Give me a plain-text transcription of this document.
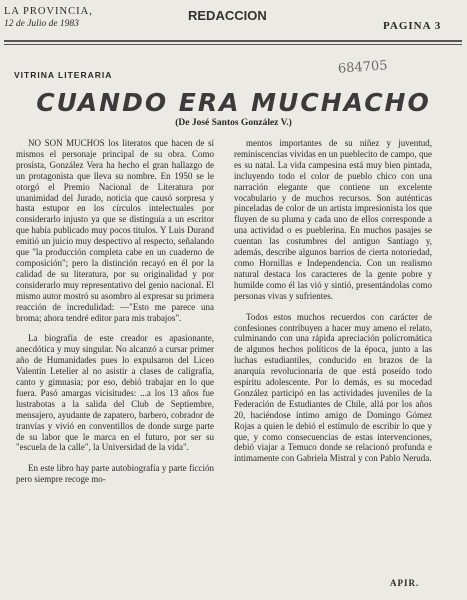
LA PROVINCIA,
12 de Julio de 1983
REDACCION
PAGINA 3
684705
VITRINA LITERARIA
CUANDO ERA MUCHACHO
(De José Santos González V.)

NO SON MUCHOS los literatos que hacen de sí mismos el personaje principal de su obra. Como prosista, González Vera ha hecho el gran hallazgo de un protagonista que lleva su nombre. En 1950 se le otorgó el Premio Nacional de Literatura por unanimidad del Jurado, noticia que causó sorpresa y hasta estupor en los círculos intelectuales por considerarlo injusto ya que se distinguía a un escritor que había publicado muy pocos títulos. Y Luis Durand emitió un juicio muy despectivo al respecto, señalando que "la producción completa cabe en un cuaderno de composición"; pero la distinción recayó en él por la calidad de su literatura, por su originalidad y por considerarlo muy representativo del genio nacional. El mismo autor mostró su asombro al expresar su primera reacción de incredulidad: —"Esto me parece una broma; ahora tendré editor para mis trabajos".

La biografía de este creador es apasionante, anecdótica y muy singular. No alcanzó a cursar primer año de Humanidades pues lo expulsaron del Liceo Valentín Letelier al no asistir a clases de caligrafía, canto y gimnasia; por eso, debió trabajar en lo que fuera. Pasó amargas vicisitudes: ...a los 13 años fue lustrabotas a la salida del Club de Septiembre, mensajero, ayudante de zapatero, barbero, cobrador de tranvías y vivió en conventillos de donde surge parte de su labor que le marca en el futuro, por ser su "escuela de la calle", la Universidad de la vida".

En este libro hay parte autobiografía y parte ficción pero siempre recoge mo-

mentos importantes de su niñez y juventud, reminiscencias vividas en un pueblecito de campo, que es su natal. La vida campesina está muy bien pintada, incluyendo todo el color de pueblo chico con una narración elegante que contiene un excelente vocabulario y de muchos recursos. Son auténticas pinceladas de color de un artista impresionista los que fluyen de su pluma y cada uno de ellos corresponde a una actividad o es pueblerina. En muchos pasajes se cuentan las costumbres del antiguo Santiago y, además, describe algunos barrios de cierta notoriedad, como Hornillas e Independencia. Con un realismo natural destaca los caracteres de la gente pobre y humilde como él las vió y sintió, presentándolas como personas vivas y sufrientes.

Todos estos muchos recuerdos con carácter de confesiones contribuyen a hacer muy ameno el relato, culminando con una rápida apreciación policromática de algunos hechos políticos de la época, junto a las luchas estudiantiles, conducido en brazos de la anarquía revolucionaria de que está poseído todo espíritu adolescente. Por lo demás, es su mocedad González participó en las actividades juveniles de la Federación de Estudiantes de Chile, allá por los años 20, haciéndose íntimo amigo de Domingo Gómez Rojas a quien le debió el estímulo de escribir lo que y que, y como consecuencias de estas intervenciones, debió viajar a Temuco donde se relacionó profunda e íntimamente con Gabriela Mistral y con Pablo Neruda.

APIR.
